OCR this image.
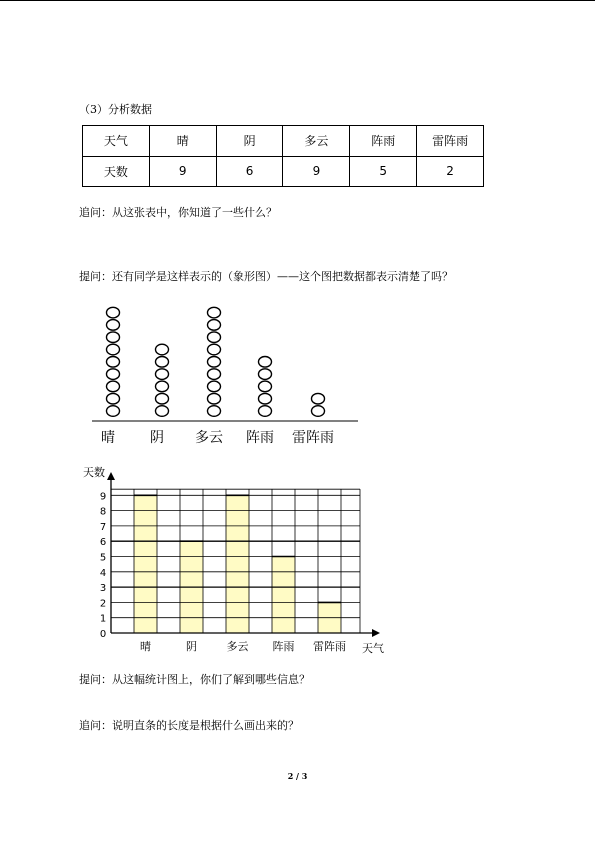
（3）分析数据
天气	晴	阴	多云	阵雨	雷阵雨
天数	9	6	9	5	2
追问：从这张表中，你知道了一些什么？
提问：还有同学是这样表示的（象形图）——这个图把数据都表示清楚了吗？
晴	阴 多云 阵雨 雷阵雨
0
1
2
3
4
5
6
7
8
9
晴	阴	多云 阵雨 雷阵雨
天数
天气
提问：从这幅统计图上，你们了解到哪些信息？
追问：说明直条的长度是根据什么画出来的？
2 / 3
